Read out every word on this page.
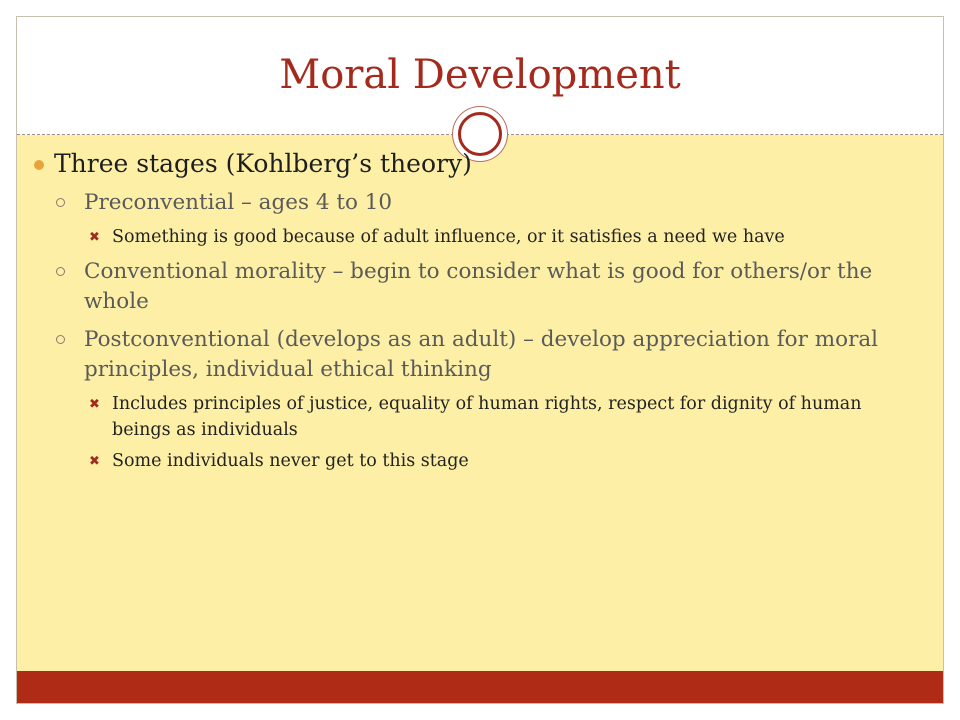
Moral Development
Three stages (Kohlberg’s theory)
Preconvential – ages 4 to 10
✖ Something is good because of adult influence, or it satisfies a need we have
Conventional morality – begin to consider what is good for others/or the whole
Postconventional (develops as an adult) – develop appreciation for moral principles, individual ethical thinking
✖ Includes principles of justice, equality of human rights, respect for dignity of human beings as individuals
✖ Some individuals never get to this stage
